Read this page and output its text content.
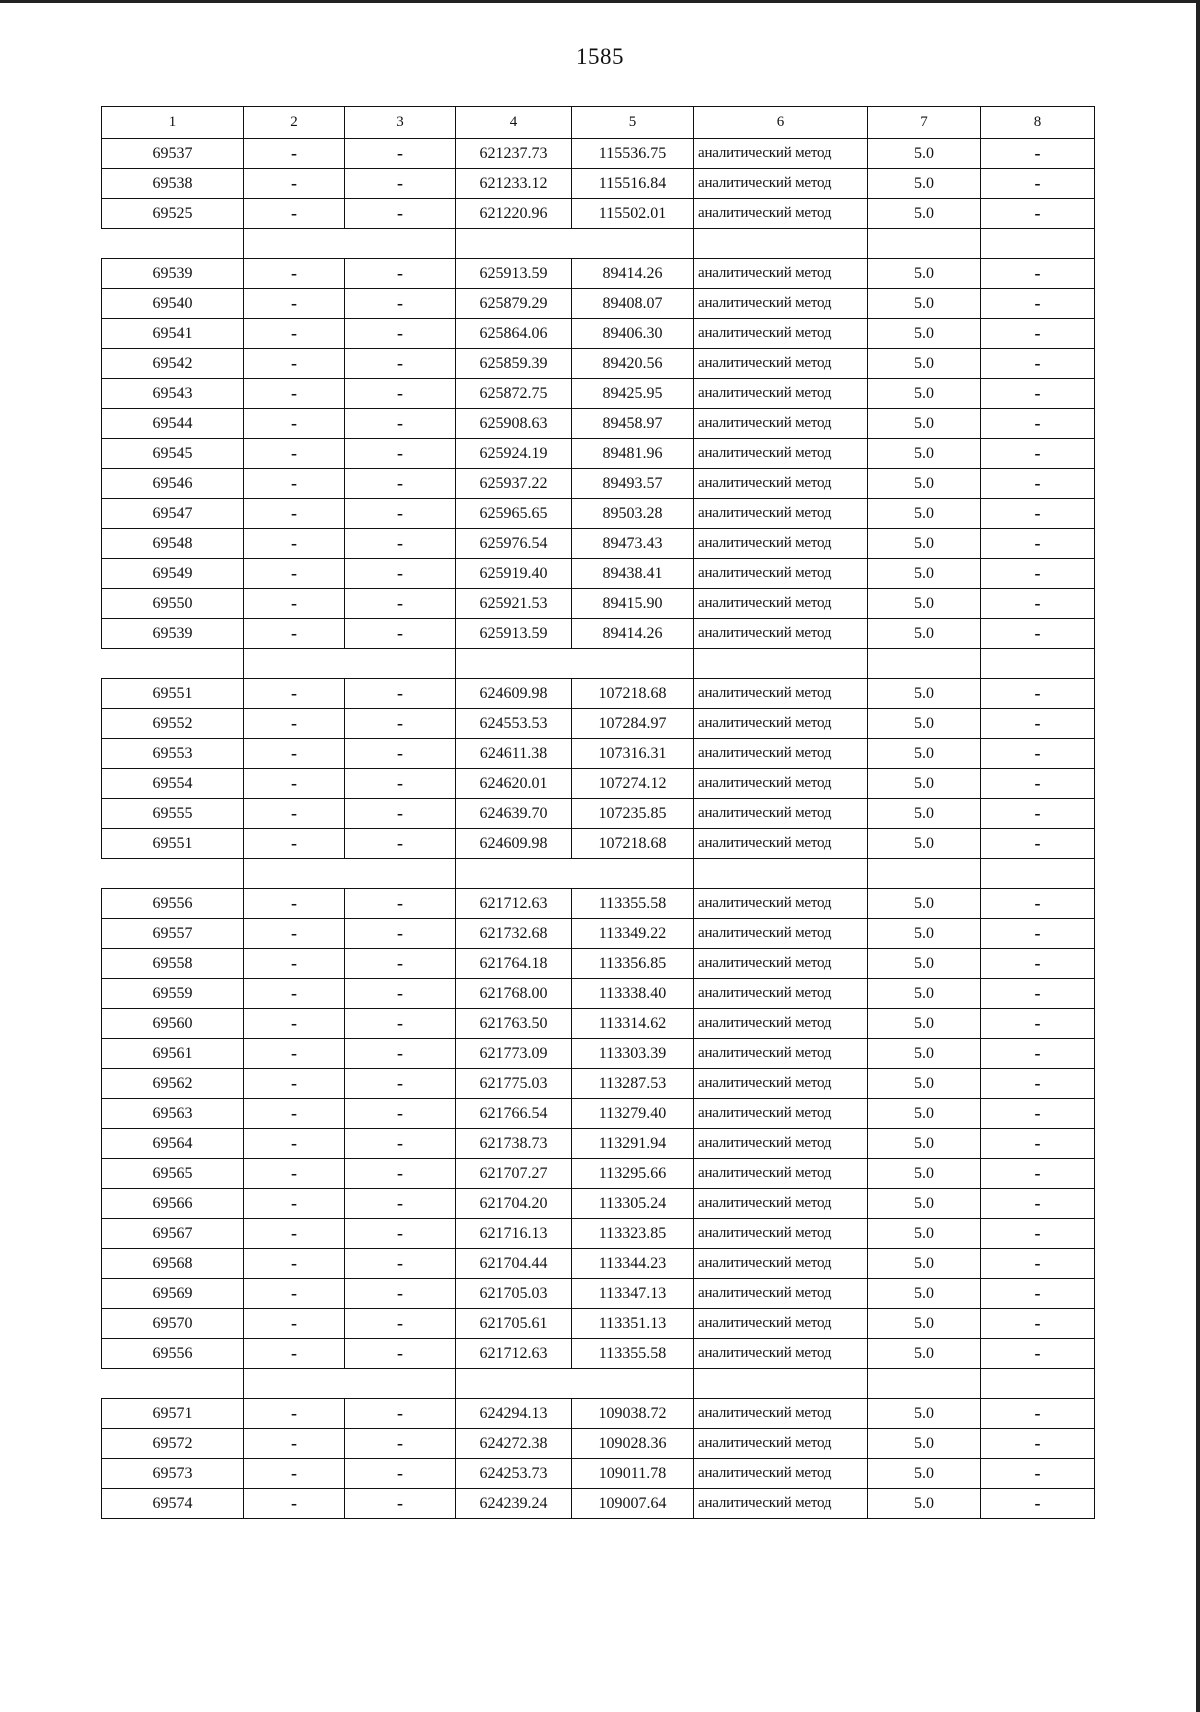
1585
1	2	3	4	5	6	7	8
69537	-	-	621237.73	115536.75	аналитический метод	5.0	-
69538	-	-	621233.12	115516.84	аналитический метод	5.0	-
69525	-	-	621220.96	115502.01	аналитический метод	5.0	-

69539	-	-	625913.59	89414.26	аналитический метод	5.0	-
69540	-	-	625879.29	89408.07	аналитический метод	5.0	-
69541	-	-	625864.06	89406.30	аналитический метод	5.0	-
69542	-	-	625859.39	89420.56	аналитический метод	5.0	-
69543	-	-	625872.75	89425.95	аналитический метод	5.0	-
69544	-	-	625908.63	89458.97	аналитический метод	5.0	-
69545	-	-	625924.19	89481.96	аналитический метод	5.0	-
69546	-	-	625937.22	89493.57	аналитический метод	5.0	-
69547	-	-	625965.65	89503.28	аналитический метод	5.0	-
69548	-	-	625976.54	89473.43	аналитический метод	5.0	-
69549	-	-	625919.40	89438.41	аналитический метод	5.0	-
69550	-	-	625921.53	89415.90	аналитический метод	5.0	-
69539	-	-	625913.59	89414.26	аналитический метод	5.0	-

69551	-	-	624609.98	107218.68	аналитический метод	5.0	-
69552	-	-	624553.53	107284.97	аналитический метод	5.0	-
69553	-	-	624611.38	107316.31	аналитический метод	5.0	-
69554	-	-	624620.01	107274.12	аналитический метод	5.0	-
69555	-	-	624639.70	107235.85	аналитический метод	5.0	-
69551	-	-	624609.98	107218.68	аналитический метод	5.0	-

69556	-	-	621712.63	113355.58	аналитический метод	5.0	-
69557	-	-	621732.68	113349.22	аналитический метод	5.0	-
69558	-	-	621764.18	113356.85	аналитический метод	5.0	-
69559	-	-	621768.00	113338.40	аналитический метод	5.0	-
69560	-	-	621763.50	113314.62	аналитический метод	5.0	-
69561	-	-	621773.09	113303.39	аналитический метод	5.0	-
69562	-	-	621775.03	113287.53	аналитический метод	5.0	-
69563	-	-	621766.54	113279.40	аналитический метод	5.0	-
69564	-	-	621738.73	113291.94	аналитический метод	5.0	-
69565	-	-	621707.27	113295.66	аналитический метод	5.0	-
69566	-	-	621704.20	113305.24	аналитический метод	5.0	-
69567	-	-	621716.13	113323.85	аналитический метод	5.0	-
69568	-	-	621704.44	113344.23	аналитический метод	5.0	-
69569	-	-	621705.03	113347.13	аналитический метод	5.0	-
69570	-	-	621705.61	113351.13	аналитический метод	5.0	-
69556	-	-	621712.63	113355.58	аналитический метод	5.0	-

69571	-	-	624294.13	109038.72	аналитический метод	5.0	-
69572	-	-	624272.38	109028.36	аналитический метод	5.0	-
69573	-	-	624253.73	109011.78	аналитический метод	5.0	-
69574	-	-	624239.24	109007.64	аналитический метод	5.0	-
